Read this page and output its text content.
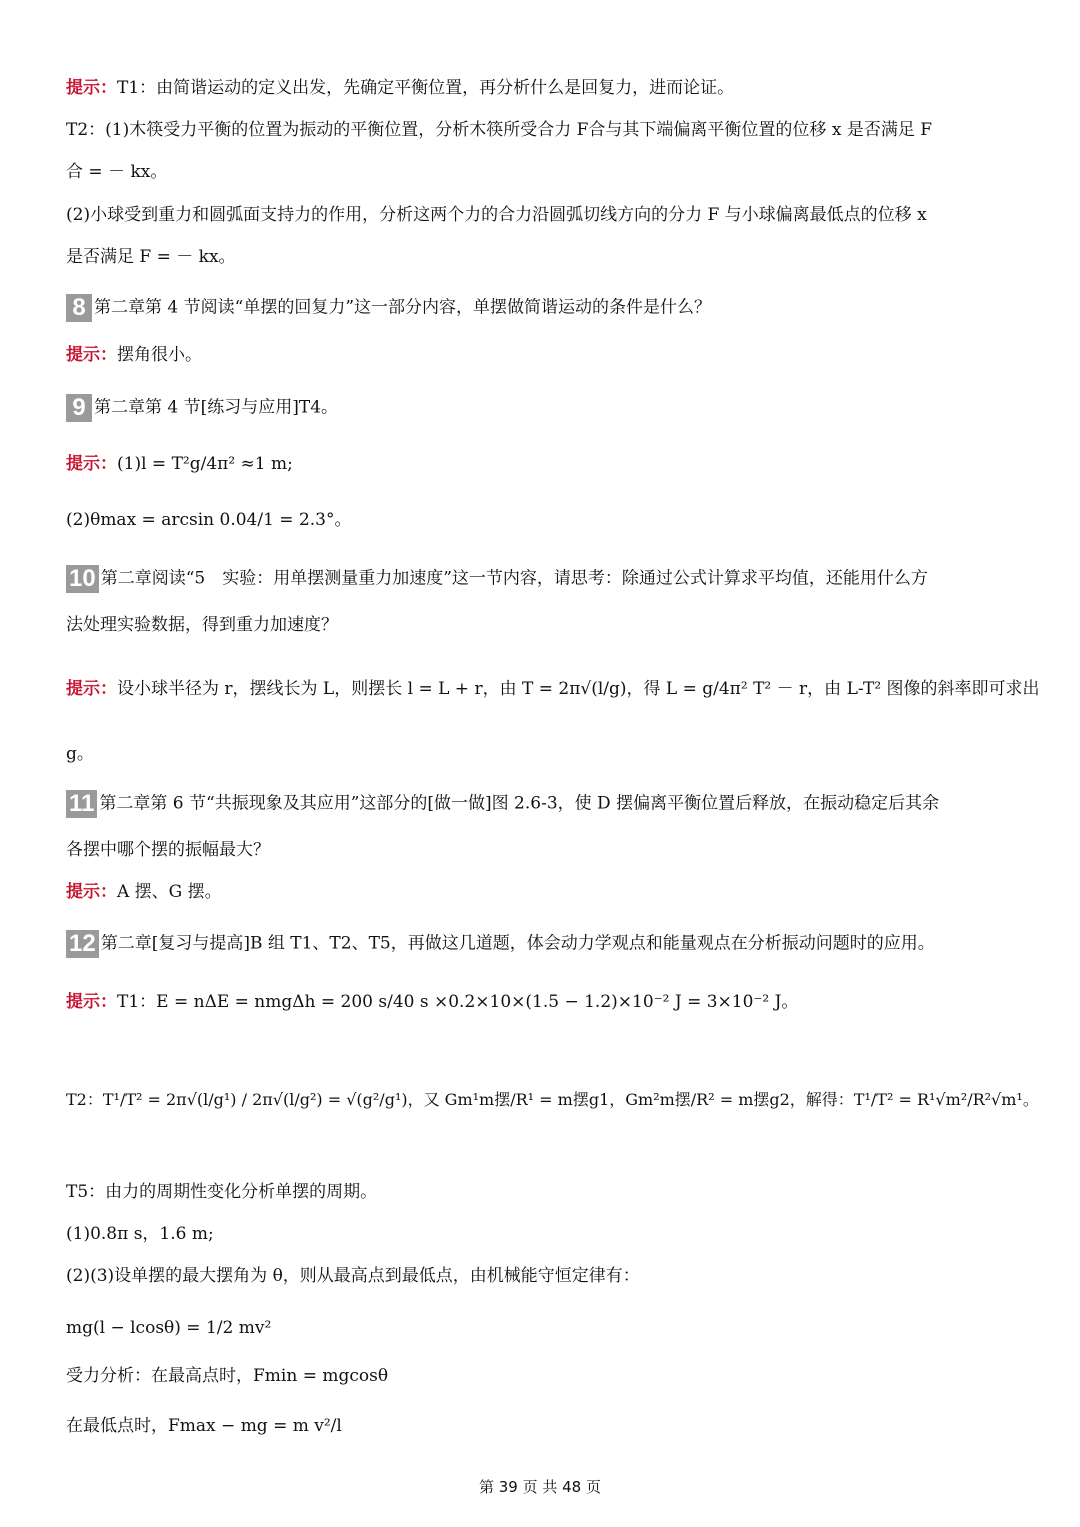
提示：T1：由简谐运动的定义出发，先确定平衡位置，再分析什么是回复力，进而论证。
T2：(1)木筷受力平衡的位置为振动的平衡位置，分析木筷所受合力 F合与其下端偏离平衡位置的位移 x 是否满足 F
合 = － kx。
(2)小球受到重力和圆弧面支持力的作用，分析这两个力的合力沿圆弧切线方向的分力 F 与小球偏离最低点的位移 x
是否满足 F = － kx。
8 第二章第 4 节阅读“单摆的回复力”这一部分内容，单摆做简谐运动的条件是什么？
提示：摆角很小。
9 第二章第 4 节[练习与应用]T4。
提示：(1)l = T²g/4π² ≈1 m;
(2)θmax = arcsin 0.04/1 = 2.3°。
10 第二章阅读“5　实验：用单摆测量重力加速度”这一节内容，请思考：除通过公式计算求平均值，还能用什么方
法处理实验数据，得到重力加速度？
提示：设小球半径为 r，摆线长为 L，则摆长 l = L + r，由 T = 2π√(l/g)，得 L = g/4π² T² － r，由 L-T² 图像的斜率即可求出
g。
11 第二章第 6 节“共振现象及其应用”这部分的[做一做]图 2.6-3，使 D 摆偏离平衡位置后释放，在振动稳定后其余
各摆中哪个摆的振幅最大？
提示：A 摆、G 摆。
12 第二章[复习与提高]B 组 T1、T2、T5，再做这几道题，体会动力学观点和能量观点在分析振动问题时的应用。
提示：T1：E = nΔE = nmgΔh = 200 s/40 s ×0.2×10×(1.5 − 1.2)×10⁻² J = 3×10⁻² J。
T2：T¹/T² = 2π√(l/g¹) / 2π√(l/g²) = √(g²/g¹)，又 Gm¹m摆/R¹ = m摆g1，Gm²m摆/R² = m摆g2，解得：T¹/T² = R¹√m²/R²√m¹。
T5：由力的周期性变化分析单摆的周期。
(1)0.8π s，1.6 m;
(2)(3)设单摆的最大摆角为 θ，则从最高点到最低点，由机械能守恒定律有：
mg(l − lcosθ) = 1/2 mv²
受力分析：在最高点时，Fmin = mgcosθ
在最低点时，Fmax − mg = m v²/l
第 39 页 共 48 页
